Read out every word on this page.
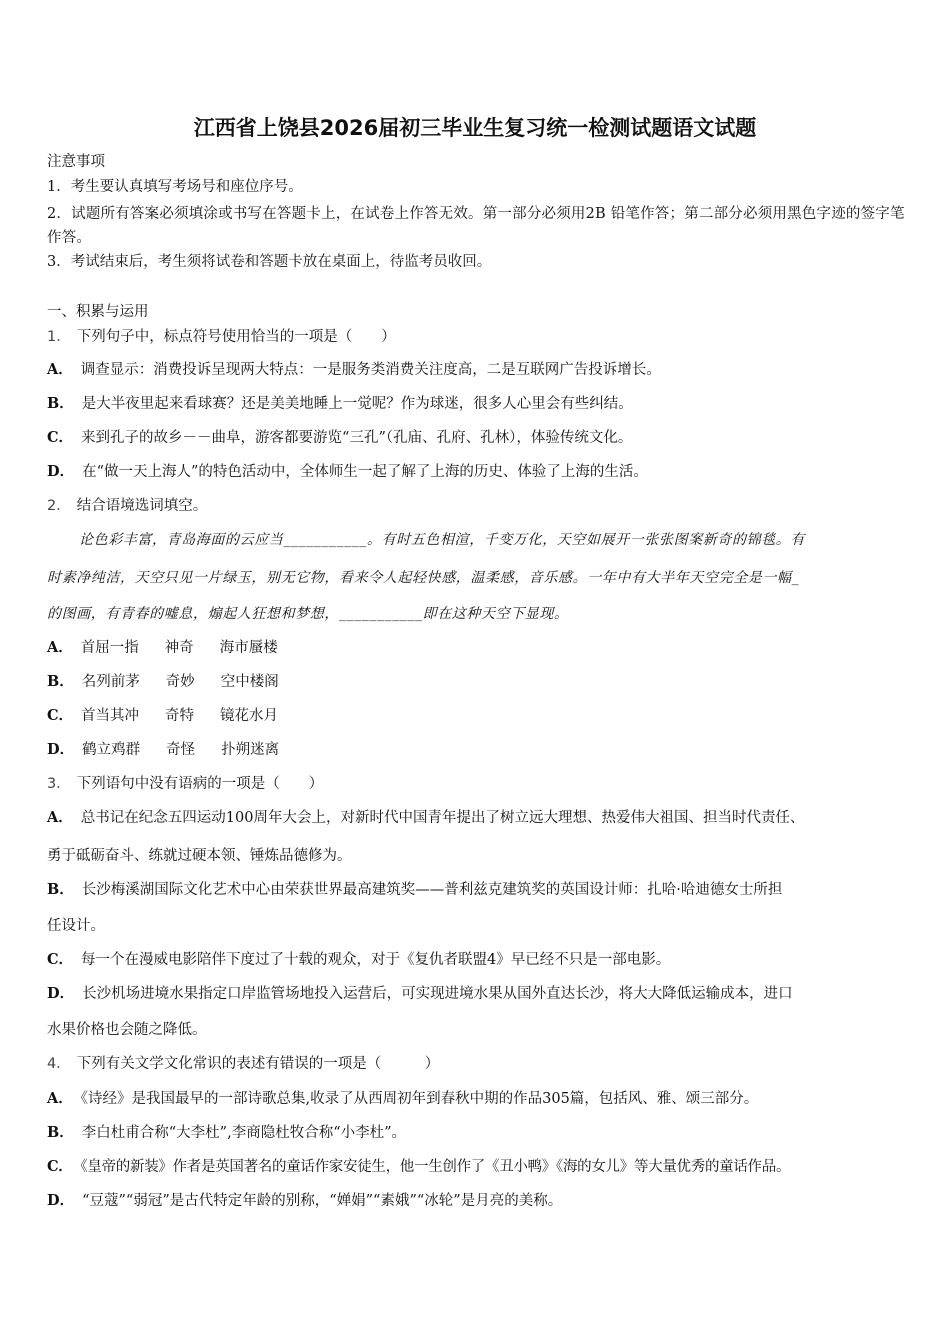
江西省上饶县2026届初三毕业生复习统一检测试题语文试题
注意事项
1．考生要认真填写考场号和座位序号。
2．试题所有答案必须填涂或书写在答题卡上，在试卷上作答无效。第一部分必须用2B 铅笔作答；第二部分必须用黑色字迹的签字笔作答。
3．考试结束后，考生须将试卷和答题卡放在桌面上，待监考员收回。
一、积累与运用
1． 下列句子中，标点符号使用恰当的一项是（　　）
A． 调查显示：消费投诉呈现两大特点：一是服务类消费关注度高，二是互联网广告投诉增长。
B． 是大半夜里起来看球赛？还是美美地睡上一觉呢？作为球迷，很多人心里会有些纠结。
C． 来到孔子的故乡－－曲阜，游客都要游览“三孔”（孔庙、孔府、孔林），体验传统文化。
D． 在“做一天上海人”的特色活动中，全体师生一起了解了上海的历史、体验了上海的生活。
2． 结合语境选词填空。
论色彩丰富，青岛海面的云应当___________。有时五色相渲，千变万化，天空如展开一张张图案新奇的锦毯。有
时素净纯洁，天空只见一片绿玉，别无它物，看来令人起轻快感，温柔感，音乐感。一年中有大半年天空完全是一幅_
的图画，有青春的嘘息，煽起人狂想和梦想，___________即在这种天空下显现。
A． 首屈一指 神奇 海市蜃楼
B． 名列前茅 奇妙 空中楼阁
C． 首当其冲 奇特 镜花水月
D． 鹤立鸡群 奇怪 扑朔迷离
3． 下列语句中没有语病的一项是（　　）
A． 总书记在纪念五四运动100周年大会上，对新时代中国青年提出了树立远大理想、热爱伟大祖国、担当时代责任、
勇于砥砺奋斗、练就过硬本领、锤炼品德修为。
B． 长沙梅溪湖国际文化艺术中心由荣获世界最高建筑奖——普利兹克建筑奖的英国设计师：扎哈·哈迪德女士所担
任设计。
C． 每一个在漫威电影陪伴下度过了十载的观众，对于《复仇者联盟4》早已经不只是一部电影。
D． 长沙机场进境水果指定口岸监管场地投入运营后，可实现进境水果从国外直达长沙，将大大降低运输成本，进口
水果价格也会随之降低。
4． 下列有关文学文化常识的表述有错误的一项是（　　　）
A． 《诗经》是我国最早的一部诗歌总集,收录了从西周初年到春秋中期的作品305篇，包括风、雅、颂三部分。
B． 李白杜甫合称“大李杜”,李商隐杜牧合称“小李杜”。
C． 《皇帝的新装》作者是英国著名的童话作家安徒生，他一生创作了《丑小鸭》《海的女儿》等大量优秀的童话作品。
D． “豆蔻”“弱冠”是古代特定年龄的别称，“婵娟”“素娥”“冰轮”是月亮的美称。
